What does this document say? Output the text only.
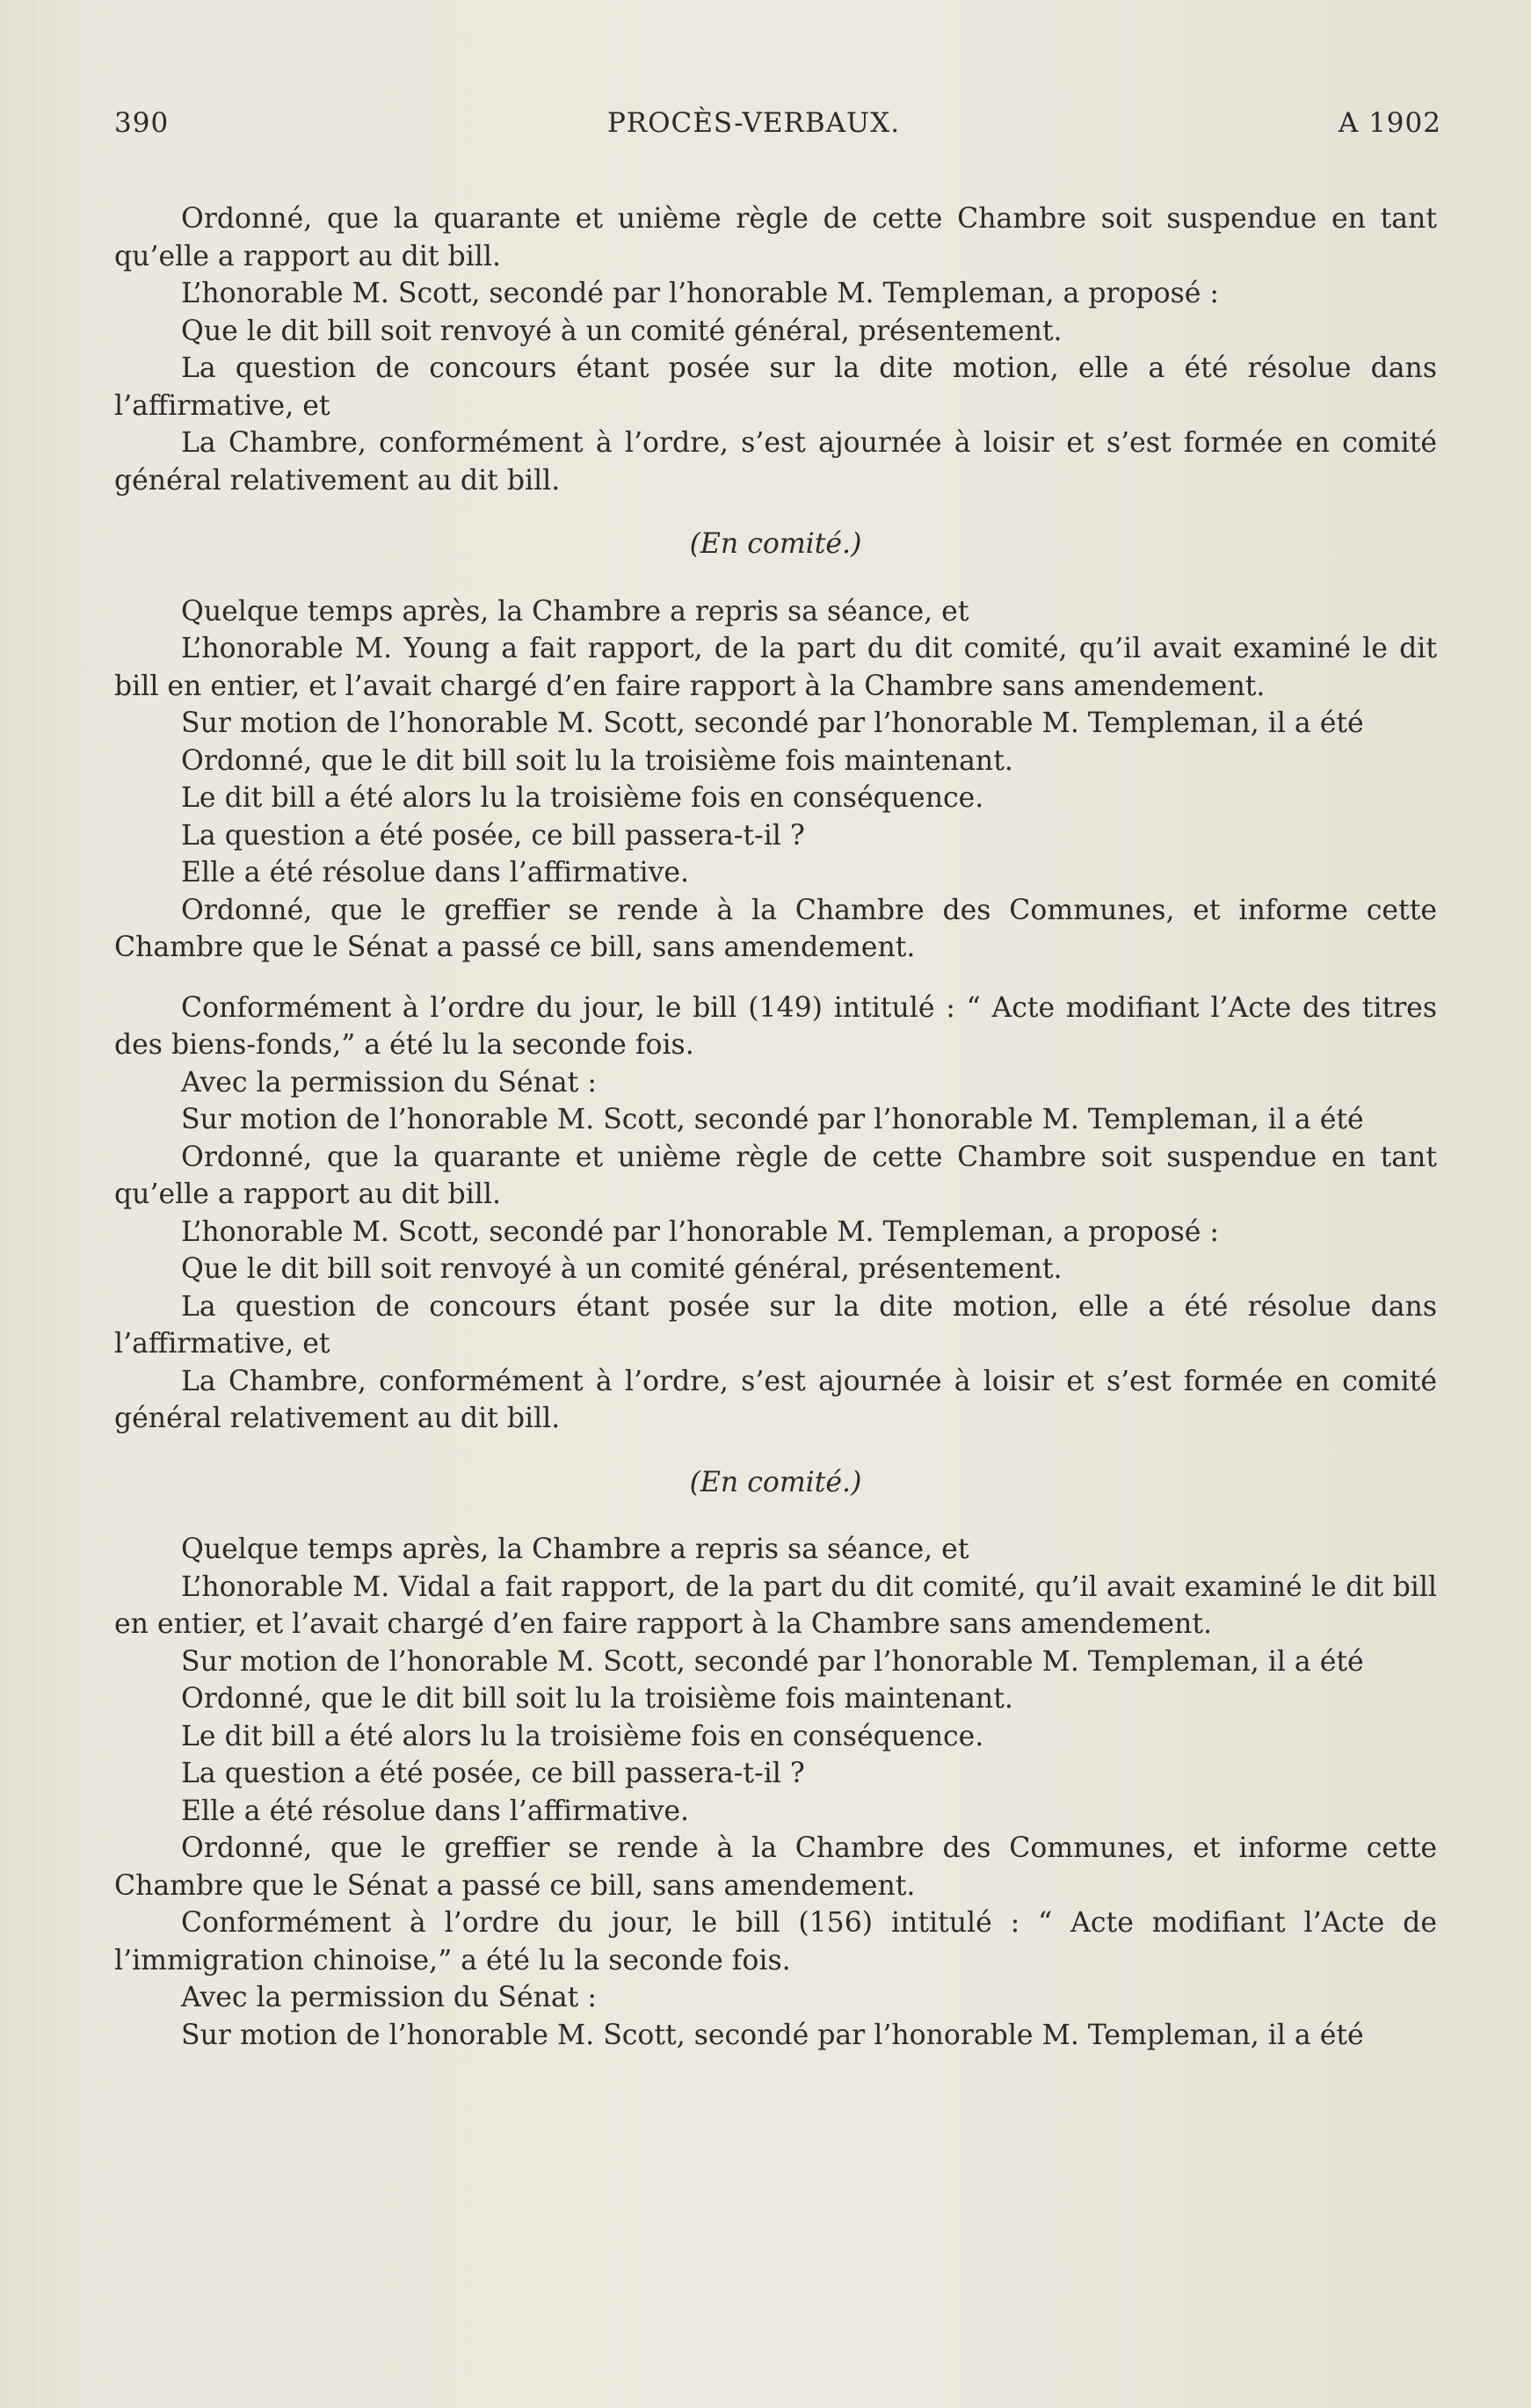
390	PROCÈS-VERBAUX.	A 1902

Ordonné, que la quarante et unième règle de cette Chambre soit suspendue en tant qu’elle a rapport au dit bill.

L’honorable M. Scott, secondé par l’honorable M. Templeman, a proposé :

Que le dit bill soit renvoyé à un comité général, présentement.

La question de concours étant posée sur la dite motion, elle a été résolue dans l’affirmative, et

La Chambre, conformément à l’ordre, s’est ajournée à loisir et s’est formée en comité général relativement au dit bill.

(En comité.)

Quelque temps après, la Chambre a repris sa séance, et

L’honorable M. Young a fait rapport, de la part du dit comité, qu’il avait examiné le dit bill en entier, et l’avait chargé d’en faire rapport à la Chambre sans amendement.

Sur motion de l’honorable M. Scott, secondé par l’honorable M. Templeman, il a été

Ordonné, que le dit bill soit lu la troisième fois maintenant.

Le dit bill a été alors lu la troisième fois en conséquence.

La question a été posée, ce bill passera-t-il ?

Elle a été résolue dans l’affirmative.

Ordonné, que le greffier se rende à la Chambre des Communes, et informe cette Chambre que le Sénat a passé ce bill, sans amendement.

Conformément à l’ordre du jour, le bill (149) intitulé : “ Acte modifiant l’Acte des titres des biens-fonds,” a été lu la seconde fois.

Avec la permission du Sénat :

Sur motion de l’honorable M. Scott, secondé par l’honorable M. Templeman, il a été

Ordonné, que la quarante et unième règle de cette Chambre soit suspendue en tant qu’elle a rapport au dit bill.

L’honorable M. Scott, secondé par l’honorable M. Templeman, a proposé :

Que le dit bill soit renvoyé à un comité général, présentement.

La question de concours étant posée sur la dite motion, elle a été résolue dans l’affirmative, et

La Chambre, conformément à l’ordre, s’est ajournée à loisir et s’est formée en comité général relativement au dit bill.

(En comité.)

Quelque temps après, la Chambre a repris sa séance, et

L’honorable M. Vidal a fait rapport, de la part du dit comité, qu’il avait examiné le dit bill en entier, et l’avait chargé d’en faire rapport à la Chambre sans amendement.

Sur motion de l’honorable M. Scott, secondé par l’honorable M. Templeman, il a été

Ordonné, que le dit bill soit lu la troisième fois maintenant.

Le dit bill a été alors lu la troisième fois en conséquence.

La question a été posée, ce bill passera-t-il ?

Elle a été résolue dans l’affirmative.

Ordonné, que le greffier se rende à la Chambre des Communes, et informe cette Chambre que le Sénat a passé ce bill, sans amendement.

Conformément à l’ordre du jour, le bill (156) intitulé : “ Acte modifiant l’Acte de l’immigration chinoise,” a été lu la seconde fois.

Avec la permission du Sénat :

Sur motion de l’honorable M. Scott, secondé par l’honorable M. Templeman, il a été
